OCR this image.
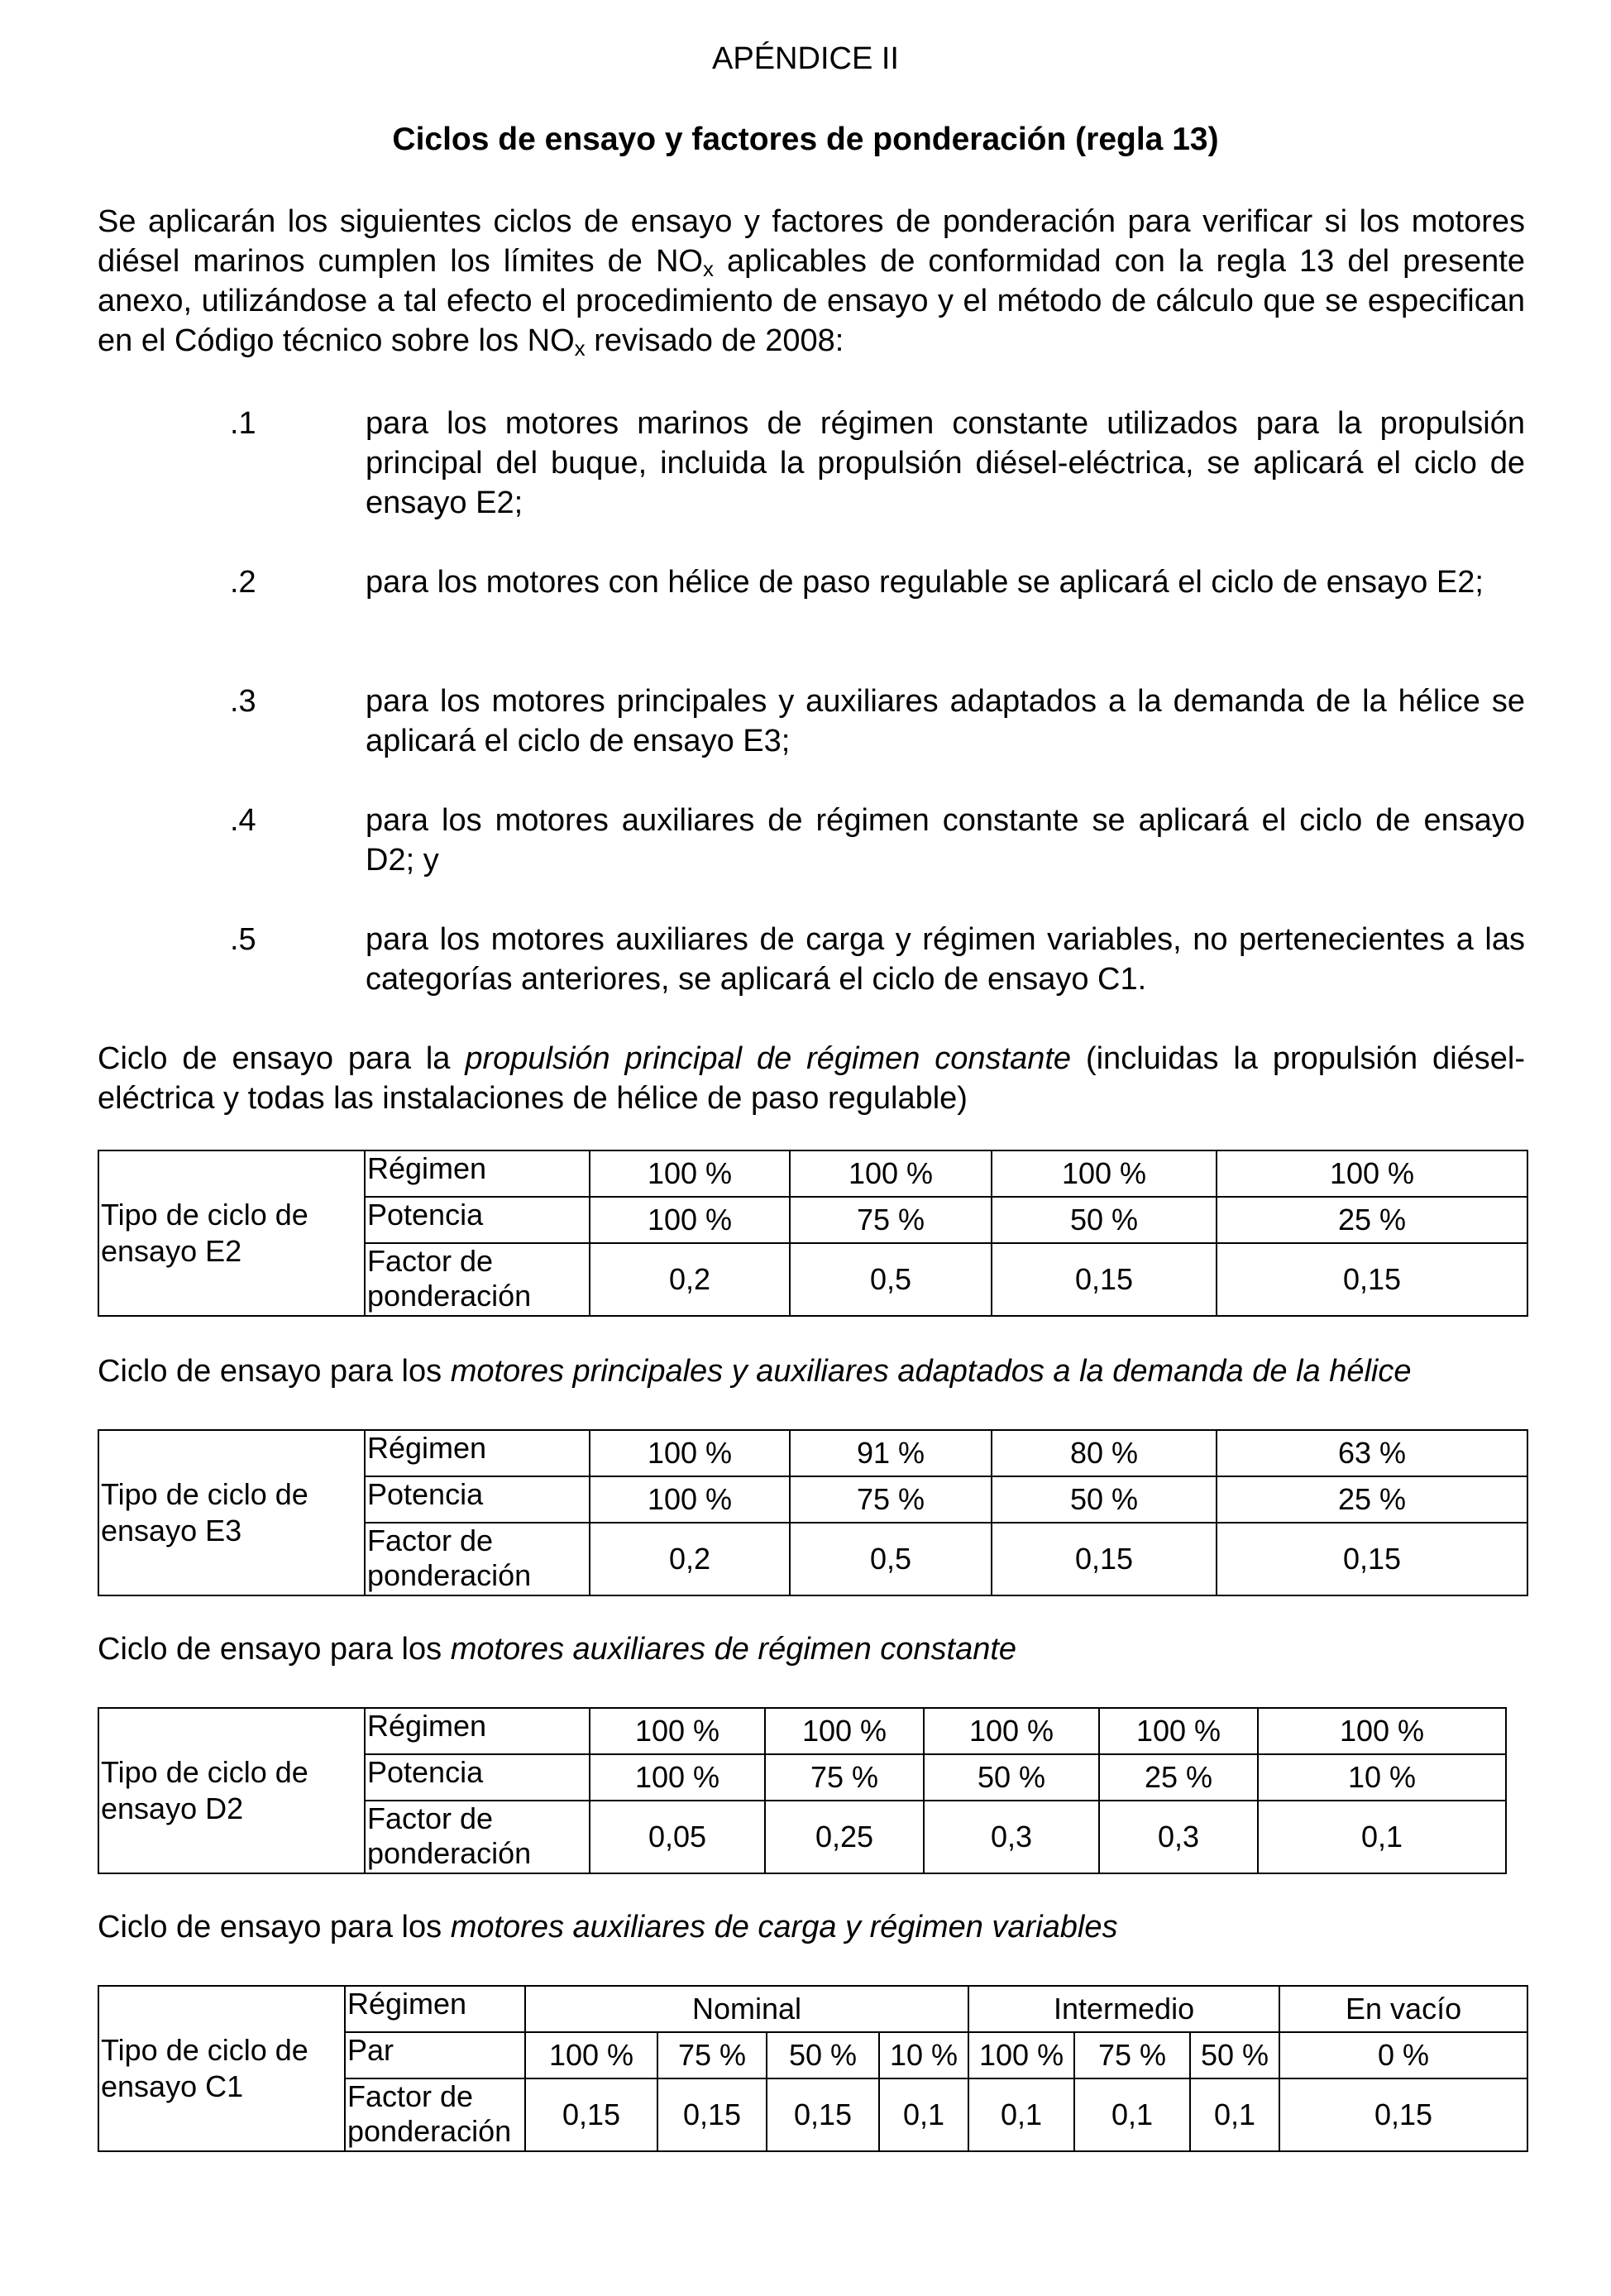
APÉNDICE II
Ciclos de ensayo y factores de ponderación (regla 13)
Se aplicarán los siguientes ciclos de ensayo y factores de ponderación para verificar si los motores diésel marinos cumplen los límites de $NO_x$ aplicables de conformidad con la regla 13 del presente anexo, utilizándose a tal efecto el procedimiento de ensayo y el método de cálculo que se especifican en el Código técnico sobre los $NO_x$ revisado de 2008:
.1	para los motores marinos de régimen constante utilizados para la propulsión principal del buque, incluida la propulsión diésel-eléctrica, se aplicará el ciclo de ensayo E2;
.2	para los motores con hélice de paso regulable se aplicará el ciclo de ensayo E2;
.3	para los motores principales y auxiliares adaptados a la demanda de la hélice se aplicará el ciclo de ensayo E3;
.4	para los motores auxiliares de régimen constante se aplicará el ciclo de ensayo D2; y
.5	para los motores auxiliares de carga y régimen variables, no pertenecientes a las categorías anteriores, se aplicará el ciclo de ensayo C1.
Ciclo de ensayo para la propulsión principal de régimen constante (incluidas la propulsión diésel-eléctrica y todas las instalaciones de hélice de paso regulable)
Tipo de ciclo de ensayo E2	Régimen	100 %	100 %	100 %	100 %
	Potencia	100 %	75 %	50 %	25 %
	Factor de ponderación	0,2	0,5	0,15	0,15
Ciclo de ensayo para los motores principales y auxiliares adaptados a la demanda de la hélice
Tipo de ciclo de ensayo E3	Régimen	100 %	91 %	80 %	63 %
	Potencia	100 %	75 %	50 %	25 %
	Factor de ponderación	0,2	0,5	0,15	0,15
Ciclo de ensayo para los motores auxiliares de régimen constante
Tipo de ciclo de ensayo D2	Régimen	100 %	100 %	100 %	100 %	100 %
	Potencia	100 %	75 %	50 %	25 %	10 %
	Factor de ponderación	0,05	0,25	0,3	0,3	0,1
Ciclo de ensayo para los motores auxiliares de carga y régimen variables
Tipo de ciclo de ensayo C1	Régimen	Nominal				Intermedio			En vacío
	Par	100 %	75 %	50 %	10 %	100 %	75 %	50 %	0 %
	Factor de ponderación	0,15	0,15	0,15	0,1	0,1	0,1	0,1	0,15
